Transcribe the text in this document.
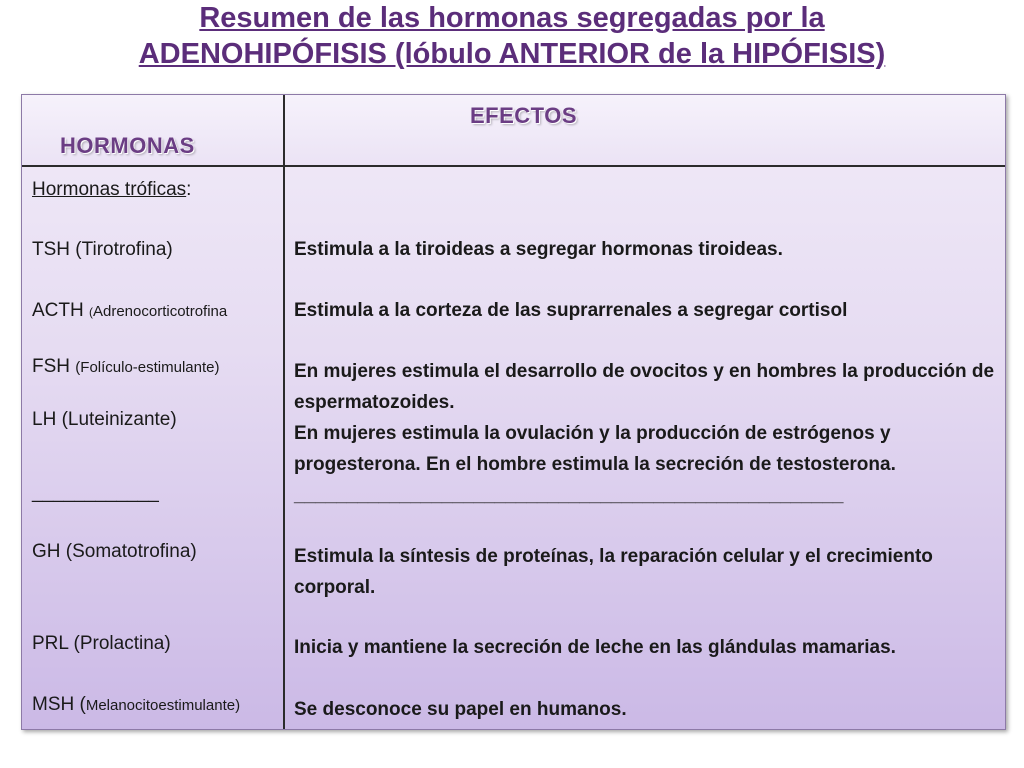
Resumen de las hormonas segregadas por la
ADENOHIPÓFISIS (lóbulo ANTERIOR de la HIPÓFISIS)
HORMONAS
EFECTOS
Hormonas tróficas:
TSH (Tirotrofina)
ACTH (Adrenocorticotrofina
FSH (Folículo-estimulante)
LH (Luteinizante)
____________
GH (Somatotrofina)
PRL (Prolactina)
MSH (Melanocitoestimulante)
Estimula a la tiroideas a segregar hormonas tiroideas.
Estimula a la corteza de las suprarrenales a segregar cortisol
En mujeres estimula el desarrollo de ovocitos y en hombres la producción de espermatozoides.
En mujeres estimula la ovulación y la producción de estrógenos y progesterona. En el hombre estimula la secreción de testosterona.
____________________________________________________
Estimula la síntesis de proteínas, la reparación celular y el crecimiento corporal.
Inicia y mantiene la secreción de leche en las glándulas mamarias.
Se desconoce su papel en humanos.
